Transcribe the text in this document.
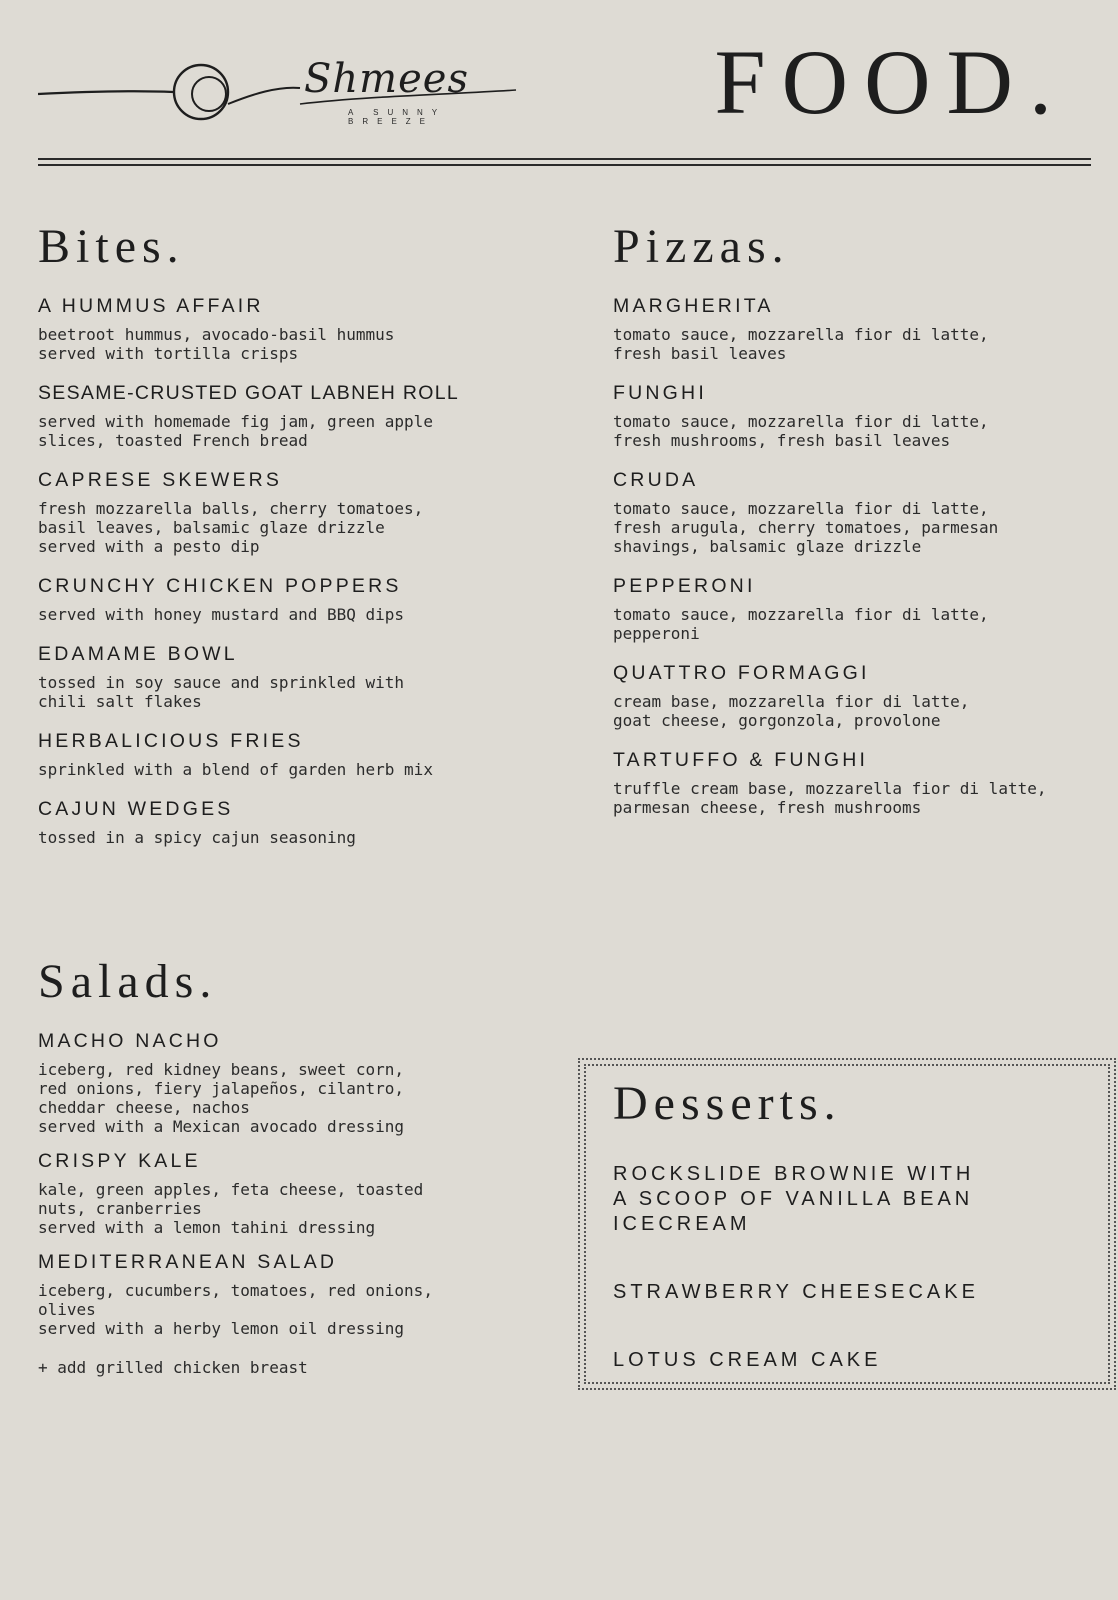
Shmees
A SUNNY BREEZE	FOOD.
Bites.
A HUMMUS AFFAIR
beetroot hummus, avocado-basil hummus
served with tortilla crisps
SESAME-CRUSTED GOAT LABNEH ROLL
served with homemade fig jam, green apple
slices, toasted French bread
CAPRESE SKEWERS
fresh mozzarella balls, cherry tomatoes,
basil leaves, balsamic glaze drizzle
served with a pesto dip
CRUNCHY CHICKEN POPPERS
served with honey mustard and BBQ dips
EDAMAME BOWL
tossed in soy sauce and sprinkled with
chili salt flakes
HERBALICIOUS FRIES
sprinkled with a blend of garden herb mix
CAJUN WEDGES
tossed in a spicy cajun seasoning
Pizzas.
MARGHERITA
tomato sauce, mozzarella fior di latte,
fresh basil leaves
FUNGHI
tomato sauce, mozzarella fior di latte,
fresh mushrooms, fresh basil leaves
CRUDA
tomato sauce, mozzarella fior di latte,
fresh arugula, cherry tomatoes, parmesan
shavings, balsamic glaze drizzle
PEPPERONI
tomato sauce, mozzarella fior di latte,
pepperoni
QUATTRO FORMAGGI
cream base, mozzarella fior di latte,
goat cheese, gorgonzola, provolone
TARTUFFO & FUNGHI
truffle cream base, mozzarella fior di latte,
parmesan cheese, fresh mushrooms
Salads.
MACHO NACHO
iceberg, red kidney beans, sweet corn,
red onions, fiery jalapeños, cilantro,
cheddar cheese, nachos
served with a Mexican avocado dressing
CRISPY KALE
kale, green apples, feta cheese, toasted
nuts, cranberries
served with a lemon tahini dressing
MEDITERRANEAN SALAD
iceberg, cucumbers, tomatoes, red onions,
olives
served with a herby lemon oil dressing
+ add grilled chicken breast
Desserts.
ROCKSLIDE BROWNIE WITH
A SCOOP OF VANILLA BEAN
ICECREAM
STRAWBERRY CHEESECAKE
LOTUS CREAM CAKE
